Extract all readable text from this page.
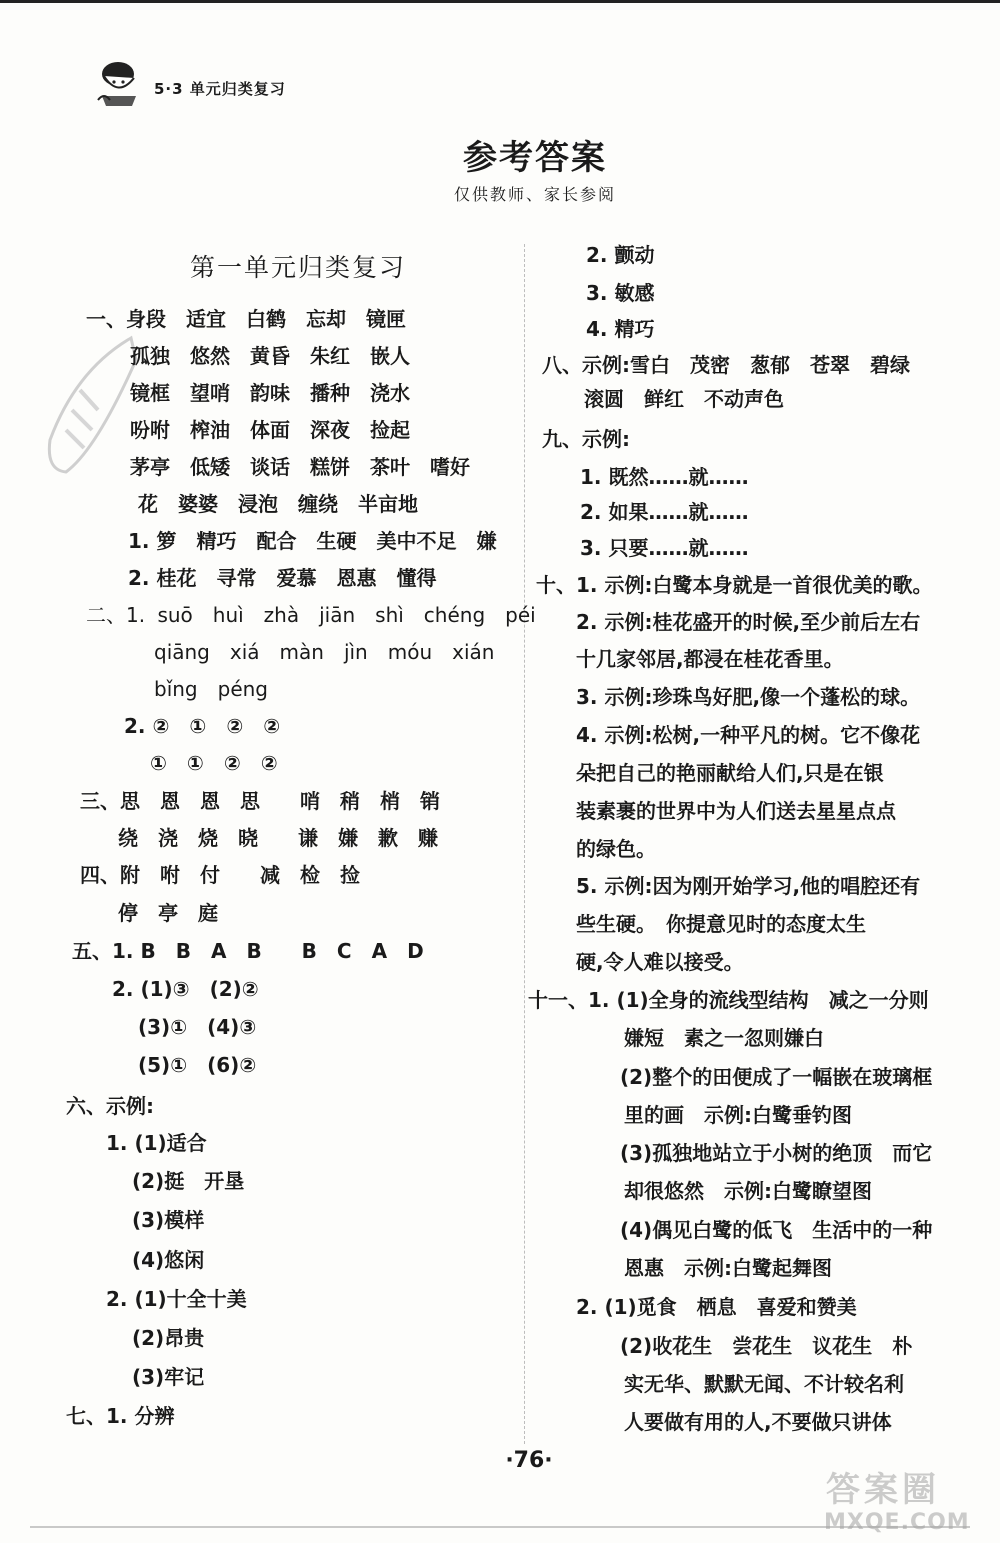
5·3 单元归类复习
参考答案
仅供教师、家长参阅
第一单元归类复习
一、身段　适宜　白鹤　忘却　镜匣
孤独　悠然　黄昏　朱红　嵌人
镜框　望哨　韵味　播种　浇水
吩咐　榨油　体面　深夜　捡起
茅亭　低矮　谈话　糕饼　茶叶　嗜好
花　婆婆　浸泡　缠绕　半亩地
1. 箩　精巧　配合　生硬　美中不足　嫌
2. 桂花　寻常　爱慕　恩惠　懂得
二、1. suō　huì　zhà　jiān　shì　chéng　péi
qiāng　xiá　màn　jìn　móu　xián
bǐng　péng
2. ②　①　②　②
①　①　②　②
三、思　恩　恩　思　　哨　稍　梢　销
绕　浇　烧　晓　　谦　嫌　歉　赚
四、附　咐　付　　减　检　捡
停　亭　庭
五、1. B　B　A　B　　B　C　A　D
2. (1)③　(2)②
(3)①　(4)③
(5)①　(6)②
六、示例:
1. (1)适合
(2)挺　开垦
(3)模样
(4)悠闲
2. (1)十全十美
(2)昂贵
(3)牢记
七、1. 分辨
2. 颤动
3. 敏感
4. 精巧
八、示例:雪白　茂密　葱郁　苍翠　碧绿
滚圆　鲜红　不动声色
九、示例:
1. 既然……就……
2. 如果……就……
3. 只要……就……
十、1. 示例:白鹭本身就是一首很优美的歌。
2. 示例:桂花盛开的时候,至少前后左右
十几家邻居,都浸在桂花香里。
3. 示例:珍珠鸟好肥,像一个蓬松的球。
4. 示例:松树,一种平凡的树。它不像花
朵把自己的艳丽献给人们,只是在银
装素裹的世界中为人们送去星星点点
的绿色。
5. 示例:因为刚开始学习,他的唱腔还有
些生硬。　你提意见时的态度太生
硬,令人难以接受。
十一、1. (1)全身的流线型结构　减之一分则
嫌短　素之一忽则嫌白
(2)整个的田便成了一幅嵌在玻璃框
里的画　示例:白鹭垂钓图
(3)孤独地站立于小树的绝顶　而它
却很悠然　示例:白鹭瞭望图
(4)偶见白鹭的低飞　生活中的一种
恩惠　示例:白鹭起舞图
2. (1)觅食　栖息　喜爱和赞美
(2)收花生　尝花生　议花生　朴
实无华、默默无闻、不计较名利
人要做有用的人,不要做只讲体
·76·
答案圈
MXQE.COM
